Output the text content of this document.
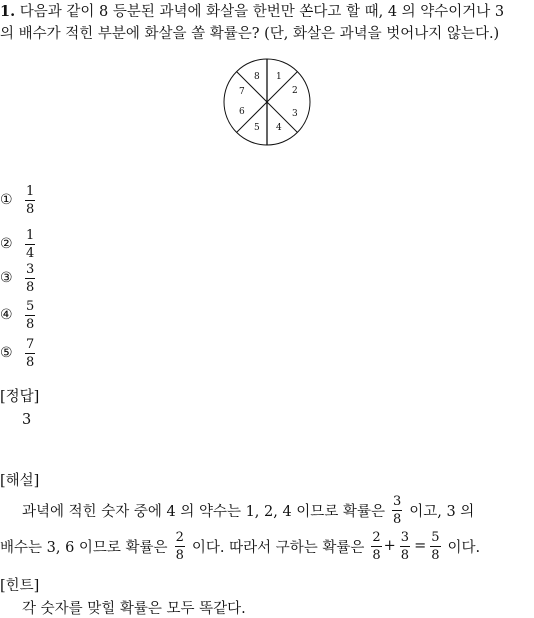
1. 다음과 같이 8 등분된 과녁에 화살을 한번만 쏜다고 할 때, 4 의 약수이거나 3
의 배수가 적힌 부분에 화살을 쏠 확률은? (단, 화살은 과녁을 벗어나지 않는다.)
1
2
3
4
5
6
7
8
① $\frac{1}{8}$
② $\frac{1}{4}$
③ $\frac{3}{8}$
④ $\frac{5}{8}$
⑤ $\frac{7}{8}$
[정답]
3
[해설]
과녁에 적힌 숫자 중에 4 의 약수는 1, 2, 4 이므로 확률은 $\frac{3}{8}$ 이고, 3 의
배수는 3, 6 이므로 확률은 $\frac{2}{8}$ 이다. 따라서 구하는 확률은 $\frac{2}{8} + \frac{3}{8} = \frac{5}{8}$ 이다.
[힌트]
각 숫자를 맞힐 확률은 모두 똑같다.
